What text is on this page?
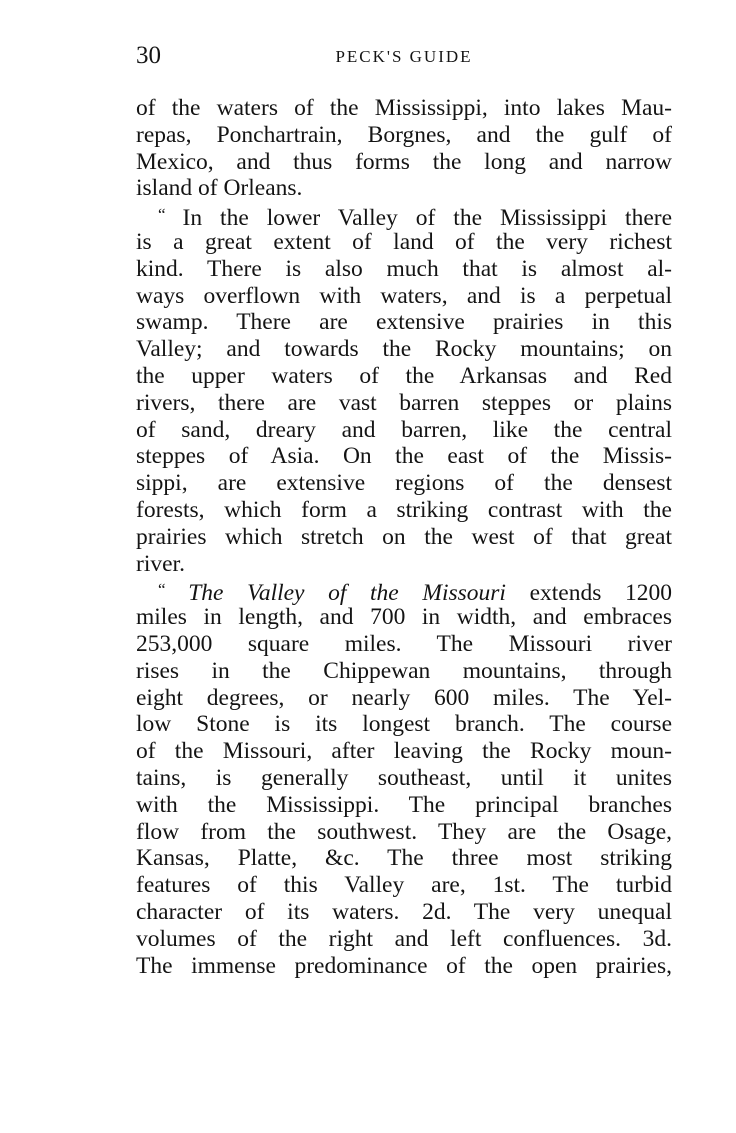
30	PECK'S GUIDE
of the waters of the Mississippi, into lakes Mau-
repas, Ponchartrain, Borgnes, and the gulf of
Mexico, and thus forms the long and narrow
island of Orleans.
“ In the lower Valley of the Mississippi there
is a great extent of land of the very richest
kind. There is also much that is almost al-
ways overflown with waters, and is a perpetual
swamp. There are extensive prairies in this
Valley; and towards the Rocky mountains; on
the upper waters of the Arkansas and Red
rivers, there are vast barren steppes or plains
of sand, dreary and barren, like the central
steppes of Asia. On the east of the Missis-
sippi, are extensive regions of the densest
forests, which form a striking contrast with the
prairies which stretch on the west of that great
river.
“ The Valley of the Missouri extends 1200
miles in length, and 700 in width, and embraces
253,000 square miles. The Missouri river
rises in the Chippewan mountains, through
eight degrees, or nearly 600 miles. The Yel-
low Stone is its longest branch. The course
of the Missouri, after leaving the Rocky moun-
tains, is generally southeast, until it unites
with the Mississippi. The principal branches
flow from the southwest. They are the Osage,
Kansas, Platte, &c. The three most striking
features of this Valley are, 1st. The turbid
character of its waters. 2d. The very unequal
volumes of the right and left confluences. 3d.
The immense predominance of the open prairies,
